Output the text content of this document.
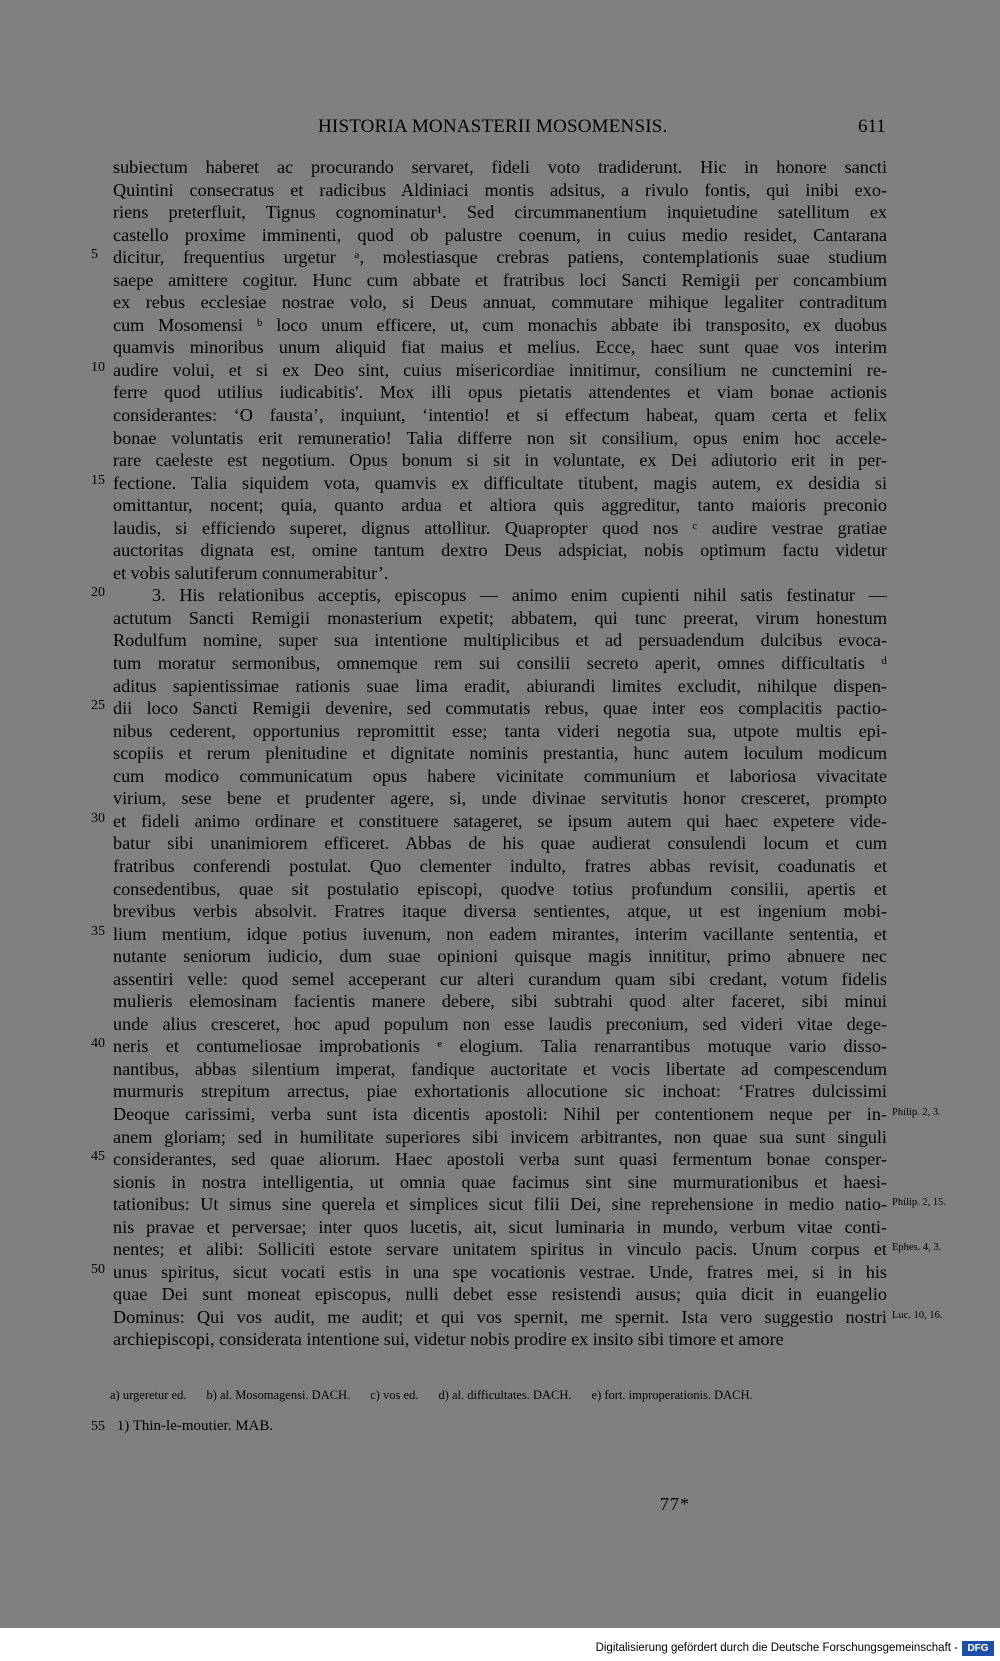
HISTORIA MONASTERII MOSOMENSIS.	611
subiectum haberet ac procurando servaret, fideli voto tradiderunt. Hic in honore sancti
Quintini consecratus et radicibus Aldiniaci montis adsitus, a rivulo fontis, qui inibi exo-
riens preterfluit, Tignus cognominatur¹. Sed circummanentium inquietudine satellitum ex
castello proxime imminenti, quod ob palustre coenum, in cuius medio residet, Cantarana
5 dicitur, frequentius urgetur ᵃ, molestiasque crebras patiens, contemplationis suae studium
saepe amittere cogitur. Hunc cum abbate et fratribus loci Sancti Remigii per concambium
ex rebus ecclesiae nostrae volo, si Deus annuat, commutare mihique legaliter contraditum
cum Mosomensi ᵇ loco unum efficere, ut, cum monachis abbate ibi transposito, ex duobus
quamvis minoribus unum aliquid fiat maius et melius. Ecce, haec sunt quae vos interim
10 audire volui, et si ex Deo sint, cuius misericordiae innitimur, consilium ne cunctemini re-
ferre quod utilius iudicabitis'. Mox illi opus pietatis attendentes et viam bonae actionis
considerantes: ‘O fausta’, inquiunt, ‘intentio! et si effectum habeat, quam certa et felix
bonae voluntatis erit remuneratio! Talia differre non sit consilium, opus enim hoc accele-
rare caeleste est negotium. Opus bonum si sit in voluntate, ex Dei adiutorio erit in per-
15 fectione. Talia siquidem vota, quamvis ex difficultate titubent, magis autem, ex desidia si
omittantur, nocent; quia, quanto ardua et altiora quis aggreditur, tanto maioris preconio
laudis, si efficiendo superet, dignus attollitur. Quapropter quod nos ᶜ audire vestrae gratiae
auctoritas dignata est, omine tantum dextro Deus adspiciat, nobis optimum factu videtur
et vobis salutiferum connumerabitur’.
20	3. His relationibus acceptis, episcopus — animo enim cupienti nihil satis festinatur —
actutum Sancti Remigii monasterium expetit; abbatem, qui tunc preerat, virum honestum
Rodulfum nomine, super sua intentione multiplicibus et ad persuadendum dulcibus evoca-
tum moratur sermonibus, omnemque rem sui consilii secreto aperit, omnes difficultatis ᵈ
aditus sapientissimae rationis suae lima eradit, abiurandi limites excludit, nihilque dispen-
25 dii loco Sancti Remigii devenire, sed commutatis rebus, quae inter eos complacitis pactio-
nibus cederent, opportunius repromittit esse; tanta videri negotia sua, utpote multis epi-
scopiis et rerum plenitudine et dignitate nominis prestantia, hunc autem loculum modicum
cum modico communicatum opus habere vicinitate communium et laboriosa vivacitate
virium, sese bene et prudenter agere, si, unde divinae servitutis honor cresceret, prompto
30 et fideli animo ordinare et constituere satageret, se ipsum autem qui haec expetere vide-
batur sibi unanimiorem efficeret. Abbas de his quae audierat consulendi locum et cum
fratribus conferendi postulat. Quo clementer indulto, fratres abbas revisit, coadunatis et
consedentibus, quae sit postulatio episcopi, quodve totius profundum consilii, apertis et
brevibus verbis absolvit. Fratres itaque diversa sentientes, atque, ut est ingenium mobi-
35 lium mentium, idque potius iuvenum, non eadem mirantes, interim vacillante sententia, et
nutante seniorum iudicio, dum suae opinioni quisque magis innititur, primo abnuere nec
assentiri velle: quod semel acceperant cur alteri curandum quam sibi credant, votum fidelis
mulieris elemosinam facientis manere debere, sibi subtrahi quod alter faceret, sibi minui
unde alius cresceret, hoc apud populum non esse laudis preconium, sed videri vitae dege-
40 neris et contumeliosae improbationis ᵉ elogium. Talia renarrantibus motuque vario disso-
nantibus, abbas silentium imperat, fandique auctoritate et vocis libertate ad compescendum
murmuris strepitum arrectus, piae exhortationis allocutione sic inchoat: ‘Fratres dulcissimi
Deoque carissimi, verba sunt ista dicentis apostoli: Nihil per contentionem neque per in- Philip. 2, 3.
anem gloriam; sed in humilitate superiores sibi invicem arbitrantes, non quae sua sunt singuli
45 considerantes, sed quae aliorum. Haec apostoli verba sunt quasi fermentum bonae consper-
sionis in nostra intelligentia, ut omnia quae facimus sint sine murmurationibus et haesi-
tationibus: Ut simus sine querela et simplices sicut filii Dei, sine reprehensione in medio natio- Philip. 2, 15.
nis pravae et perversae; inter quos lucetis, ait, sicut luminaria in mundo, verbum vitae conti-
nentes; et alibi: Solliciti estote servare unitatem spiritus in vinculo pacis. Unum corpus et Ephes. 4, 3.
50 unus spiritus, sicut vocati estis in una spe vocationis vestrae. Unde, fratres mei, si in his
quae Dei sunt moneat episcopus, nulli debet esse resistendi ausus; quia dicit in euangelio
Dominus: Qui vos audit, me audit; et qui vos spernit, me spernit. Ista vero suggestio nostri Luc. 10, 16.
archiepiscopi, considerata intentione sui, videtur nobis prodire ex insito sibi timore et amore
a) urgeretur ed. b) al. Mosomagensi. DACH. c) vos ed. d) al. difficultates. DACH. e) fort. improperationis. DACH.
55 1) Thin-le-moutier. MAB.
77*
Digitalisierung gefördert durch die Deutsche Forschungsgemeinschaft - DFG
